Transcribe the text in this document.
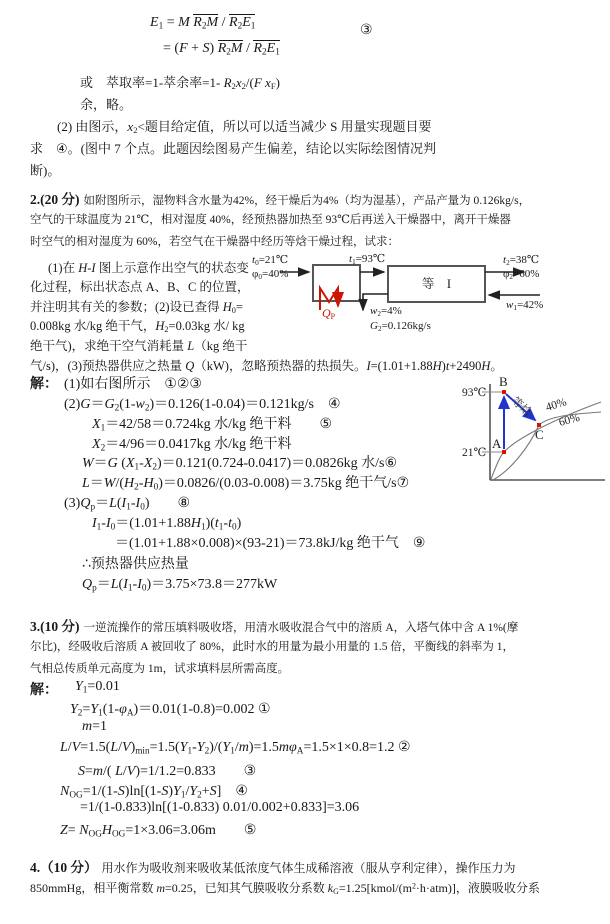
$E_1 = M$ $R_2M / R_2E_1$
= (F + S) $R_2M / R_2E_1$
③
或　萃取率=1-萃余率=1- $R_2x_2/(F$ $x_F$)
余，略。
(2) 由图示，$x_2<$题目给定值，所以可以适当减少 S 用量实现题目要
求　④。(图中 7 个点。此题因绘图易产生偏差，结论以实际绘图情况判
断)。
2.(20 分) 如附图所示，湿物料含水量为42%，经干燥后为4%（均为湿基），产品产量为 0.126kg/s，
空气的干球温度为 21℃，相对湿度 40%，经预热器加热至 93℃后再送入干燥器中，离开干燥器
时空气的相对湿度为 60%，若空气在干燥器中经历等焓干燥过程，试求：
(1)在 H-I 图上示意作出空气的状态变
化过程，标出状态点 A、B、C 的位置，
并注明其有关的参数；(2)设已查得 $H_0=$
0.008kg 水/kg 绝干气，$H_2=0.03kg$ 水/ kg
绝干气)，求绝干空气消耗量 L（kg 绝干
气/s)，(3)预热器供应之热量 Q（kW)，忽略预热器的热损失。I=(1.01+1.88H)t+2490H。
$t_0=21℃$
$\varphi_0=40\%$
$t_1=93℃$	$t_2=38℃$
$\varphi_2=60\%$
$w_1=42\%$
$w_2=4\%$
$G_2=0.126kg/s$
$Q_P$
等　I
解： (1)如右图所示　①②③
$(2)G=G_2(1-w_2)=0.126(1-0.04)=0.121kg/s$　④
$X_1=42/58=0.724kg$ 水/kg 绝干料　　⑤
$X_2=4/96=0.0417kg$ 水/kg 绝干料
W＝G $(X_1-X_2)=0.121(0.724-0.0417)=0.0826kg$ 水/s⑥
$L=W/(H_2-H_0)=0.0826/(0.03-0.008)=3.75kg$ 绝干气/s⑦
$(3)Q_p=L(I_1-I_0)$　　⑧
$I_1-I_0=(1.01+1.88H_1)(t_1-t_0)$
＝(1.01+1.88×0.008)×(93-21)＝73.8kJ/kg 绝干气　⑨
∴预热器供应热量
$Q_p=L(I_1-I_0)=3.75\times 73.8=277kW$
93℃
21℃
B
A
C
等焓 40%
60%
3.(10 分) 一逆流操作的常压填料吸收塔，用清水吸收混合气中的溶质 A，入塔气体中含 A 1%(摩
尔比)，经吸收后溶质 A 被回收了 80%，此时水的用量为最小用量的 1.5 倍，平衡线的斜率为 1，
气相总传质单元高度为 1m，试求填料层所需高度。
解： $Y_1=0.01$
$Y_2=Y_1(1-\varphi_A)=0.01(1-0.8)=0.002$ ①
m=1
$L/V=1.5(L/V)_{min}=1.5(Y_1-Y_2)/(Y_1/m)=1.5m\varphi_A=1.5\times 1\times 0.8=1.2$ ②
S=m/( L/V)=1/1.2=0.833　　③
$N_{OG}=1/(1-S)\ln[(1-S)Y_1/Y_2+S]$　④
=1/(1-0.833)ln[(1-0.833) 0.01/0.002+0.833]=3.06
$Z= N_{OG}H_{OG}=1\times 3.06=3.06m$　　⑤
4.（10 分） 用水作为吸收剂来吸收某低浓度气体生成稀溶液（服从亨利定律），操作压力为
850mmHg，相平衡常数 m=0.25，已知其气膜吸收分系数 $k_G=1.25[kmol/(m^2\cdot h\cdot atm)]$，液膜吸收分系
